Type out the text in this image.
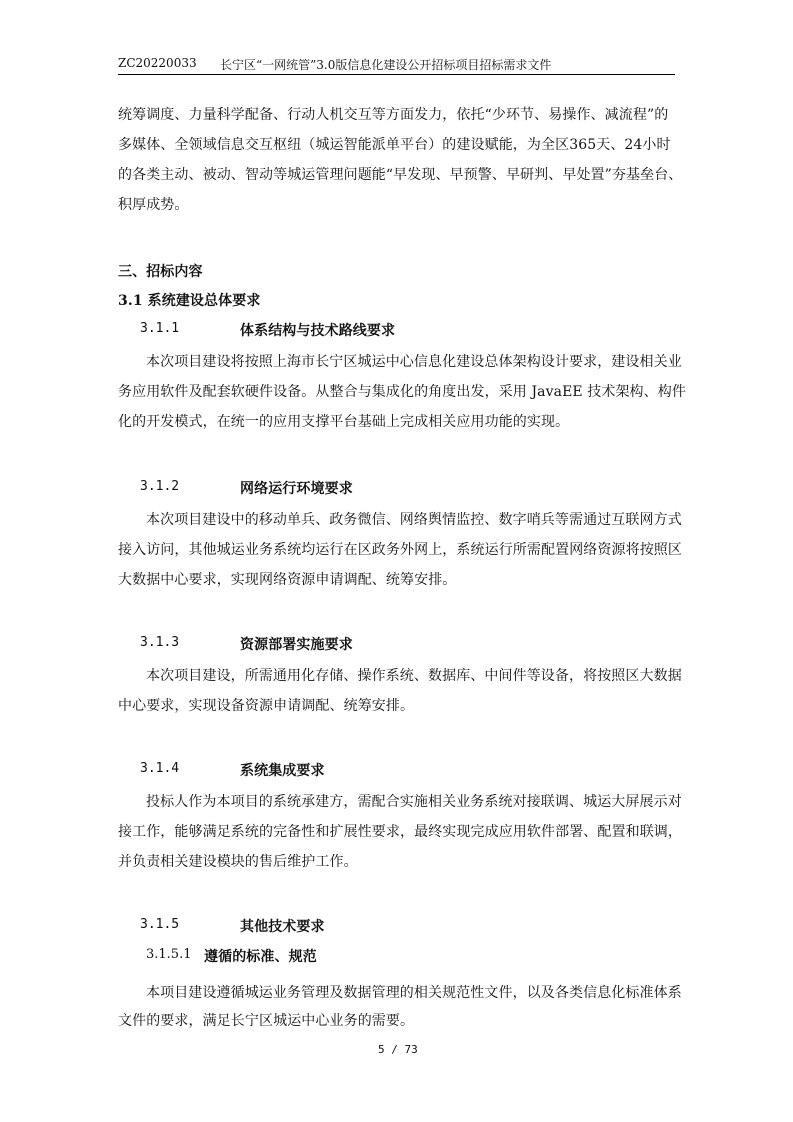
ZC20220033 长宁区“一网统管”3.0版信息化建设公开招标项目招标需求文件
统筹调度、力量科学配备、行动人机交互等方面发力，依托“少环节、易操作、减流程”的
多媒体、全领域信息交互枢纽（城运智能派单平台）的建设赋能，为全区365天、24小时
的各类主动、被动、智动等城运管理问题能“早发现、早预警、早研判、早处置”夯基垒台、
积厚成势。
三、招标内容
3.1 系统建设总体要求
3.1.1	体系结构与技术路线要求
本次项目建设将按照上海市长宁区城运中心信息化建设总体架构设计要求，建设相关业
务应用软件及配套软硬件设备。从整合与集成化的角度出发，采用 JavaEE 技术架构、构件
化的开发模式，在统一的应用支撑平台基础上完成相关应用功能的实现。
3.1.2	网络运行环境要求
本次项目建设中的移动单兵、政务微信、网络舆情监控、数字哨兵等需通过互联网方式
接入访问，其他城运业务系统均运行在区政务外网上，系统运行所需配置网络资源将按照区
大数据中心要求，实现网络资源申请调配、统筹安排。
3.1.3	资源部署实施要求
本次项目建设，所需通用化存储、操作系统、数据库、中间件等设备，将按照区大数据
中心要求，实现设备资源申请调配、统筹安排。
3.1.4	系统集成要求
投标人作为本项目的系统承建方，需配合实施相关业务系统对接联调、城运大屏展示对
接工作，能够满足系统的完备性和扩展性要求，最终实现完成应用软件部署、配置和联调，
并负责相关建设模块的售后维护工作。
3.1.5	其他技术要求
3.1.5.1 遵循的标准、规范
本项目建设遵循城运业务管理及数据管理的相关规范性文件，以及各类信息化标准体系
文件的要求，满足长宁区城运中心业务的需要。
5 / 73
